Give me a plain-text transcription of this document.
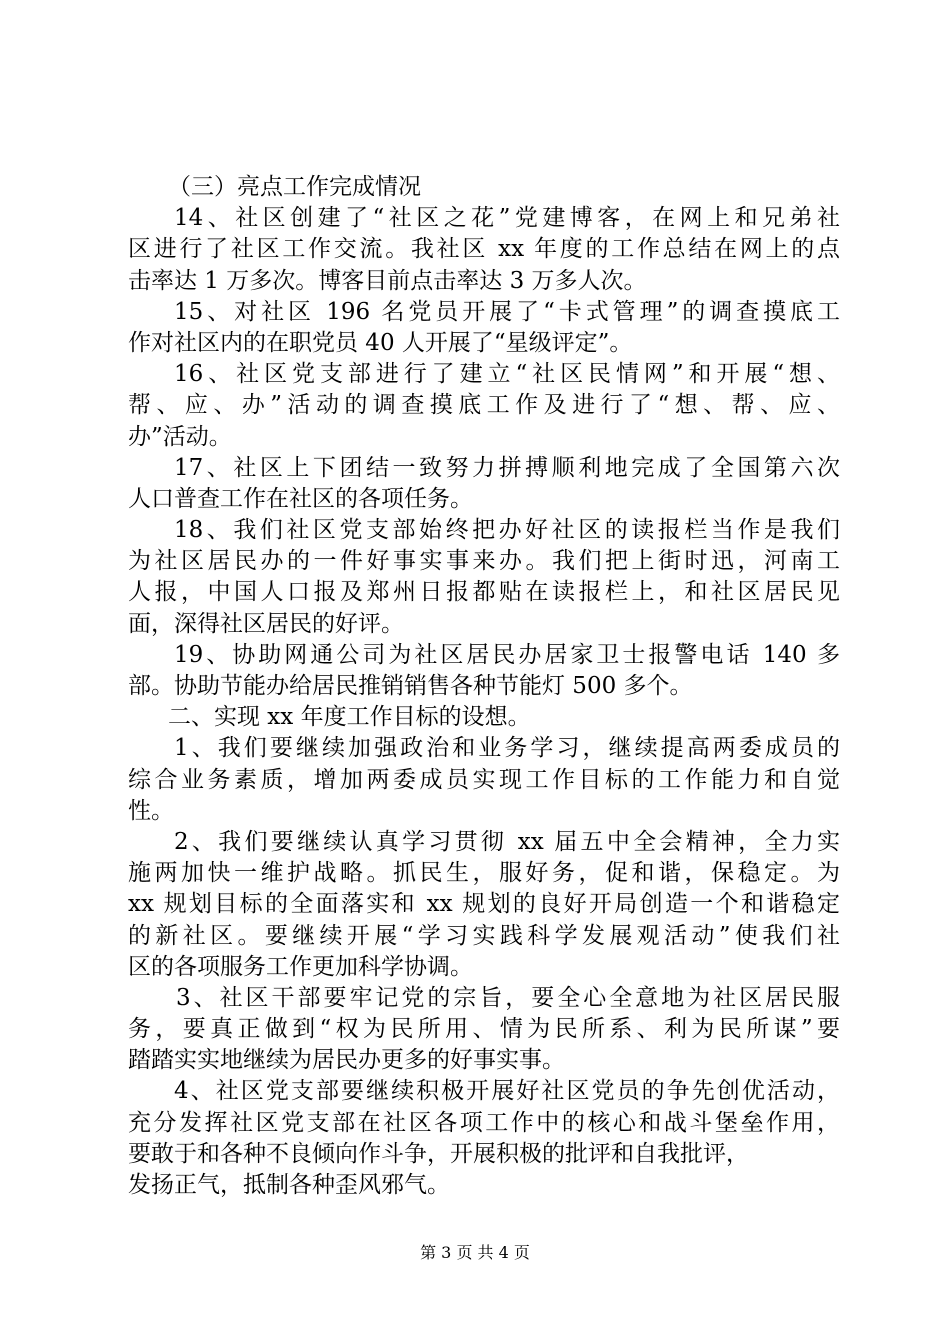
（三）亮点工作完成情况
14、社区创建了“社区之花”党建博客，在网上和兄弟社
区进行了社区工作交流。我社区 xx 年度的工作总结在网上的点
击率达 1 万多次。博客目前点击率达 3 万多人次。
15、对社区 196 名党员开展了“卡式管理”的调查摸底工
作对社区内的在职党员 40 人开展了“星级评定”。
16、社区党支部进行了建立“社区民情网”和开展“想、
帮、应、办”活动的调查摸底工作及进行了“想、帮、应、
办”活动。
17、社区上下团结一致努力拼搏顺利地完成了全国第六次
人口普查工作在社区的各项任务。
18、我们社区党支部始终把办好社区的读报栏当作是我们
为社区居民办的一件好事实事来办。我们把上街时迅，河南工
人报，中国人口报及郑州日报都贴在读报栏上，和社区居民见
面，深得社区居民的好评。
19、协助网通公司为社区居民办居家卫士报警电话 140 多
部。协助节能办给居民推销销售各种节能灯 500 多个。
二、实现 xx 年度工作目标的设想。
1、我们要继续加强政治和业务学习，继续提高两委成员的
综合业务素质，增加两委成员实现工作目标的工作能力和自觉
性。
2、我们要继续认真学习贯彻 xx 届五中全会精神，全力实
施两加快一维护战略。抓民生，服好务，促和谐，保稳定。为
xx 规划目标的全面落实和 xx 规划的良好开局创造一个和谐稳定
的新社区。要继续开展“学习实践科学发展观活动”使我们社
区的各项服务工作更加科学协调。
3、社区干部要牢记党的宗旨，要全心全意地为社区居民服
务，要真正做到“权为民所用、情为民所系、利为民所谋”要
踏踏实实地继续为居民办更多的好事实事。
4、社区党支部要继续积极开展好社区党员的争先创优活动，
充分发挥社区党支部在社区各项工作中的核心和战斗堡垒作用，
要敢于和各种不良倾向作斗争，开展积极的批评和自我批评，
发扬正气，抵制各种歪风邪气。
第 3 页 共 4 页
